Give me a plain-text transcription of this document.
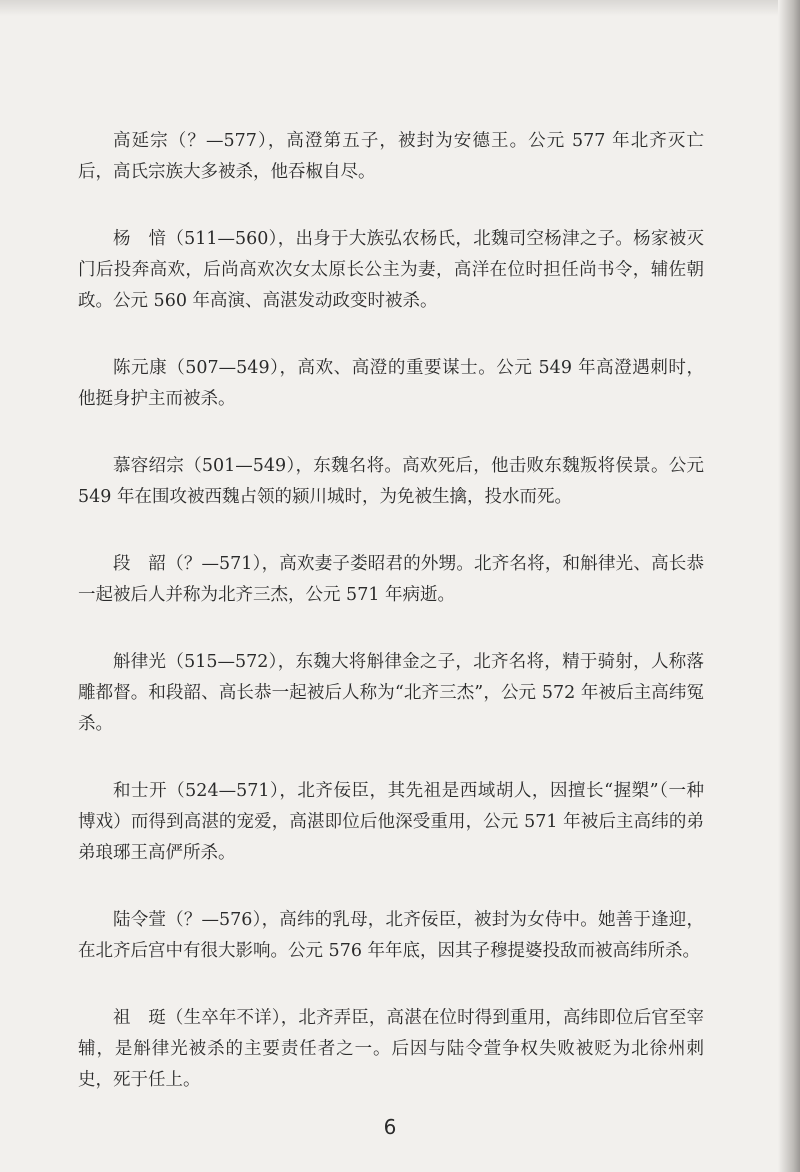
高延宗（？—577），高澄第五子，被封为安德王。公元 577 年北齐灭亡后，高氏宗族大多被杀，他吞椒自尽。

杨　愔（511—560），出身于大族弘农杨氏，北魏司空杨津之子。杨家被灭门后投奔高欢，后尚高欢次女太原长公主为妻，高洋在位时担任尚书令，辅佐朝政。公元 560 年高演、高湛发动政变时被杀。

陈元康（507—549），高欢、高澄的重要谋士。公元 549 年高澄遇刺时，他挺身护主而被杀。

慕容绍宗（501—549），东魏名将。高欢死后，他击败东魏叛将侯景。公元 549 年在围攻被西魏占领的颍川城时，为免被生擒，投水而死。

段　韶（？—571），高欢妻子娄昭君的外甥。北齐名将，和斛律光、高长恭一起被后人并称为北齐三杰，公元 571 年病逝。

斛律光（515—572），东魏大将斛律金之子，北齐名将，精于骑射，人称落雕都督。和段韶、高长恭一起被后人称为“北齐三杰”，公元 572 年被后主高纬冤杀。

和士开（524—571），北齐佞臣，其先祖是西域胡人，因擅长“握槊”（一种博戏）而得到高湛的宠爱，高湛即位后他深受重用，公元 571 年被后主高纬的弟弟琅琊王高俨所杀。

陆令萱（？—576），高纬的乳母，北齐佞臣，被封为女侍中。她善于逢迎，在北齐后宫中有很大影响。公元 576 年年底，因其子穆提婆投敌而被高纬所杀。

祖　珽（生卒年不详），北齐弄臣，高湛在位时得到重用，高纬即位后官至宰辅，是斛律光被杀的主要责任者之一。后因与陆令萱争权失败被贬为北徐州刺史，死于任上。

6
